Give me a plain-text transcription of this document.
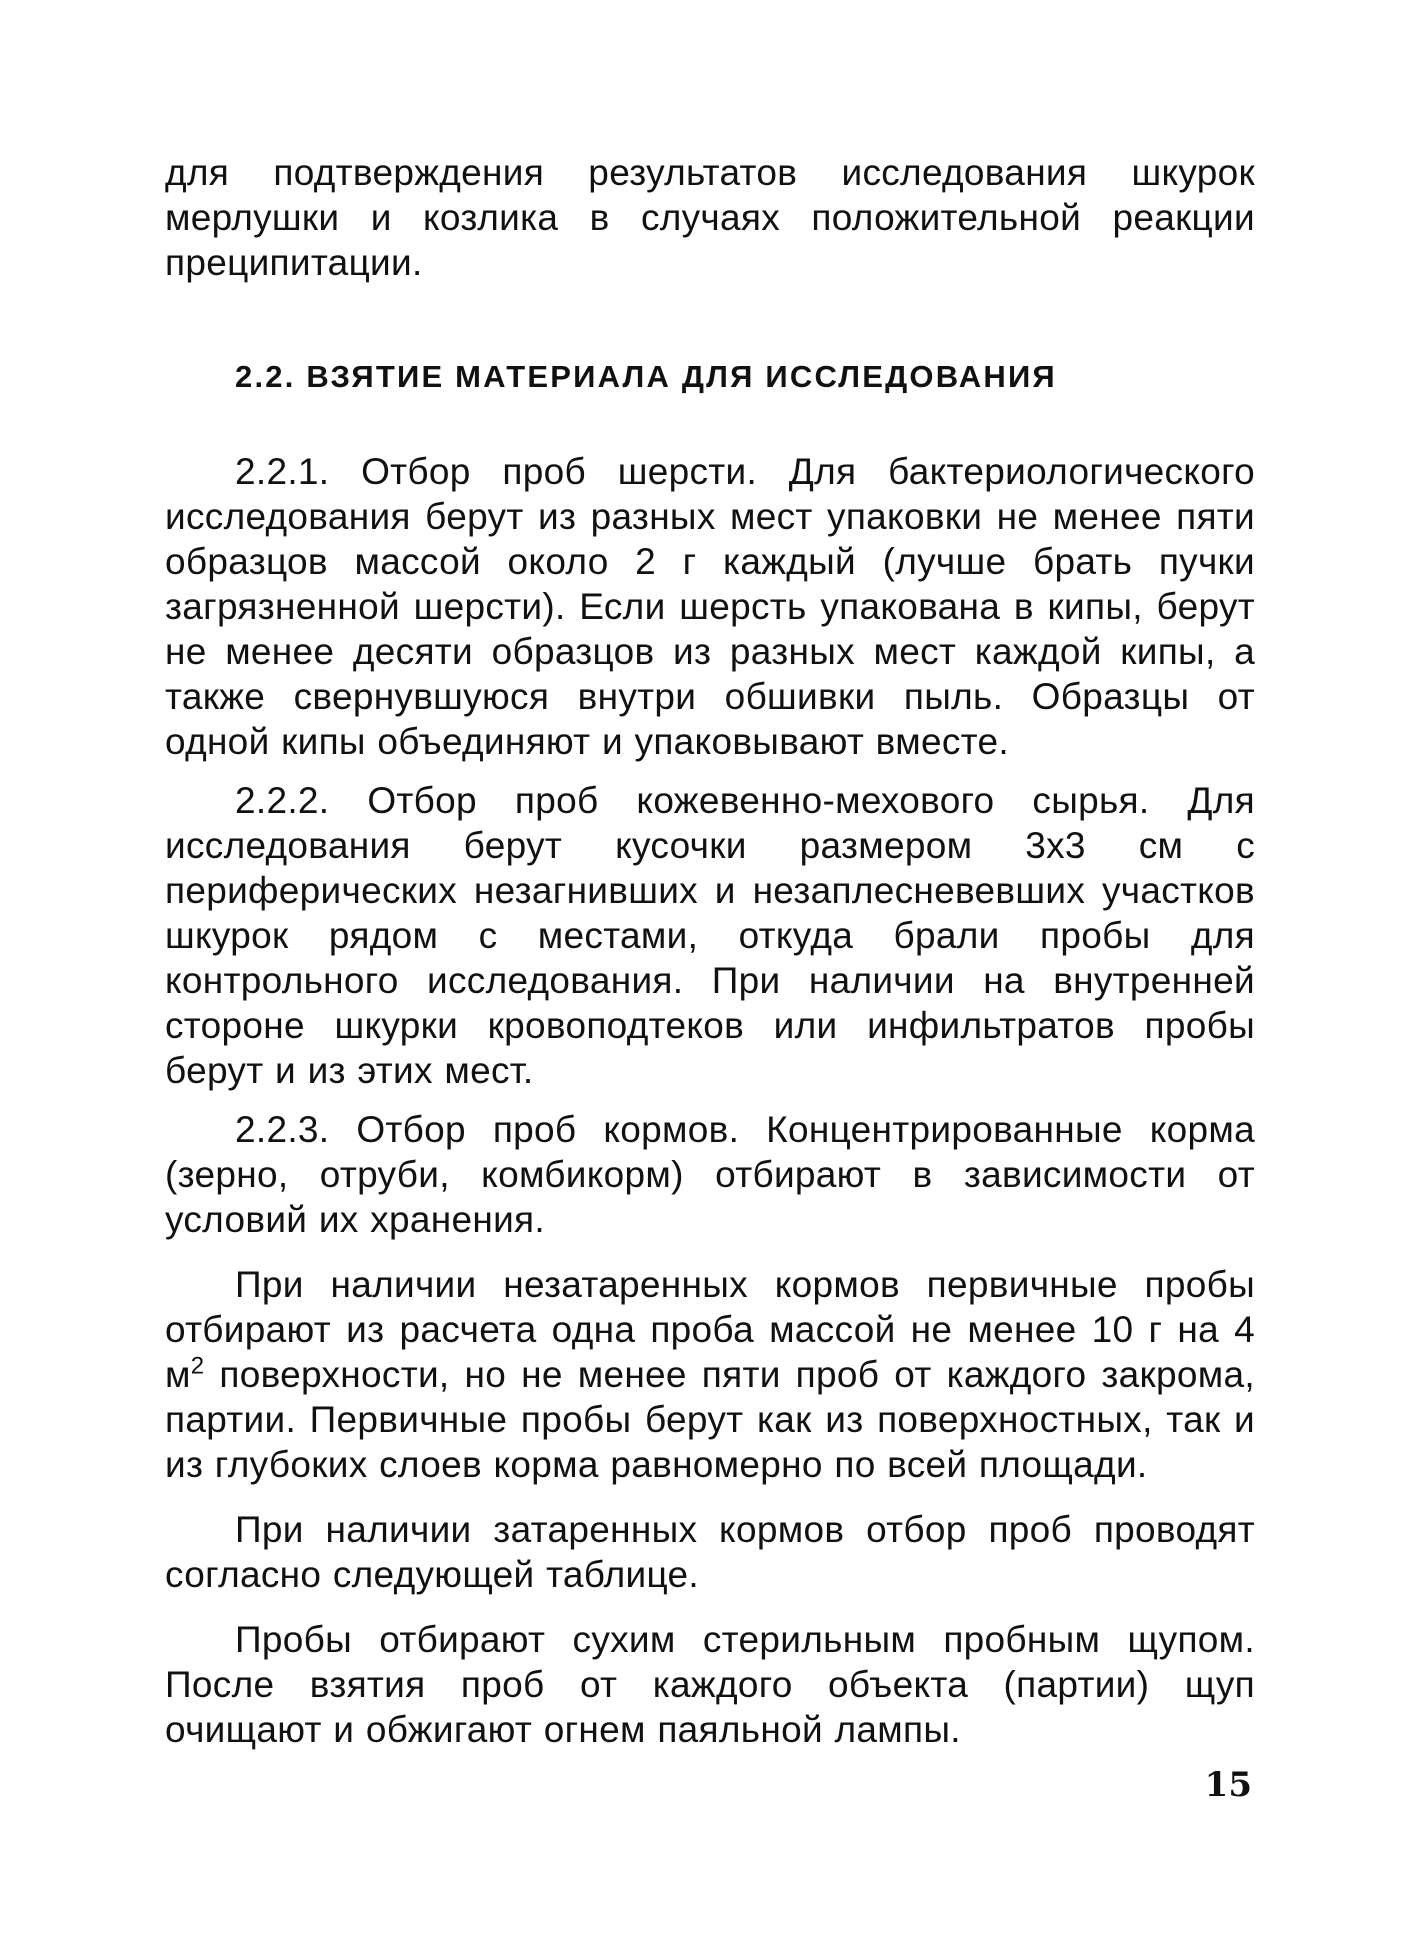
для подтверждения результатов исследования шкурок мерлушки и козлика в случаях положительной реакции преципитации.

2.2. ВЗЯТИЕ МАТЕРИАЛА ДЛЯ ИССЛЕДОВАНИЯ

2.2.1. Отбор проб шерсти. Для бактериологического исследования берут из разных мест упаковки не менее пяти образцов массой около 2 г каждый (лучше брать пучки загрязненной шерсти). Если шерсть упакована в кипы, берут не менее десяти образцов из разных мест каждой кипы, а также свернувшуюся внутри обшивки пыль. Образцы от одной кипы объединяют и упаковывают вместе.

2.2.2. Отбор проб кожевенно-мехового сырья. Для исследования берут кусочки размером 3х3 см с периферических незагнивших и незаплесневевших участков шкурок рядом с местами, откуда брали пробы для контрольного исследования. При наличии на внутренней стороне шкурки кровоподтеков или инфильтратов пробы берут и из этих мест.

2.2.3. Отбор проб кормов. Концентрированные корма (зерно, отруби, комбикорм) отбирают в зависимости от условий их хранения.

При наличии незатаренных кормов первичные пробы отбирают из расчета одна проба массой не менее 10 г на 4 $м^2$ поверхности, но не менее пяти проб от каждого закрома, партии. Первичные пробы берут как из поверхностных, так и из глубоких слоев корма равномерно по всей площади.

При наличии затаренных кормов отбор проб проводят согласно следующей таблице.

Пробы отбирают сухим стерильным пробным щупом. После взятия проб от каждого объекта (партии) щуп очищают и обжигают огнем паяльной лампы.

15
